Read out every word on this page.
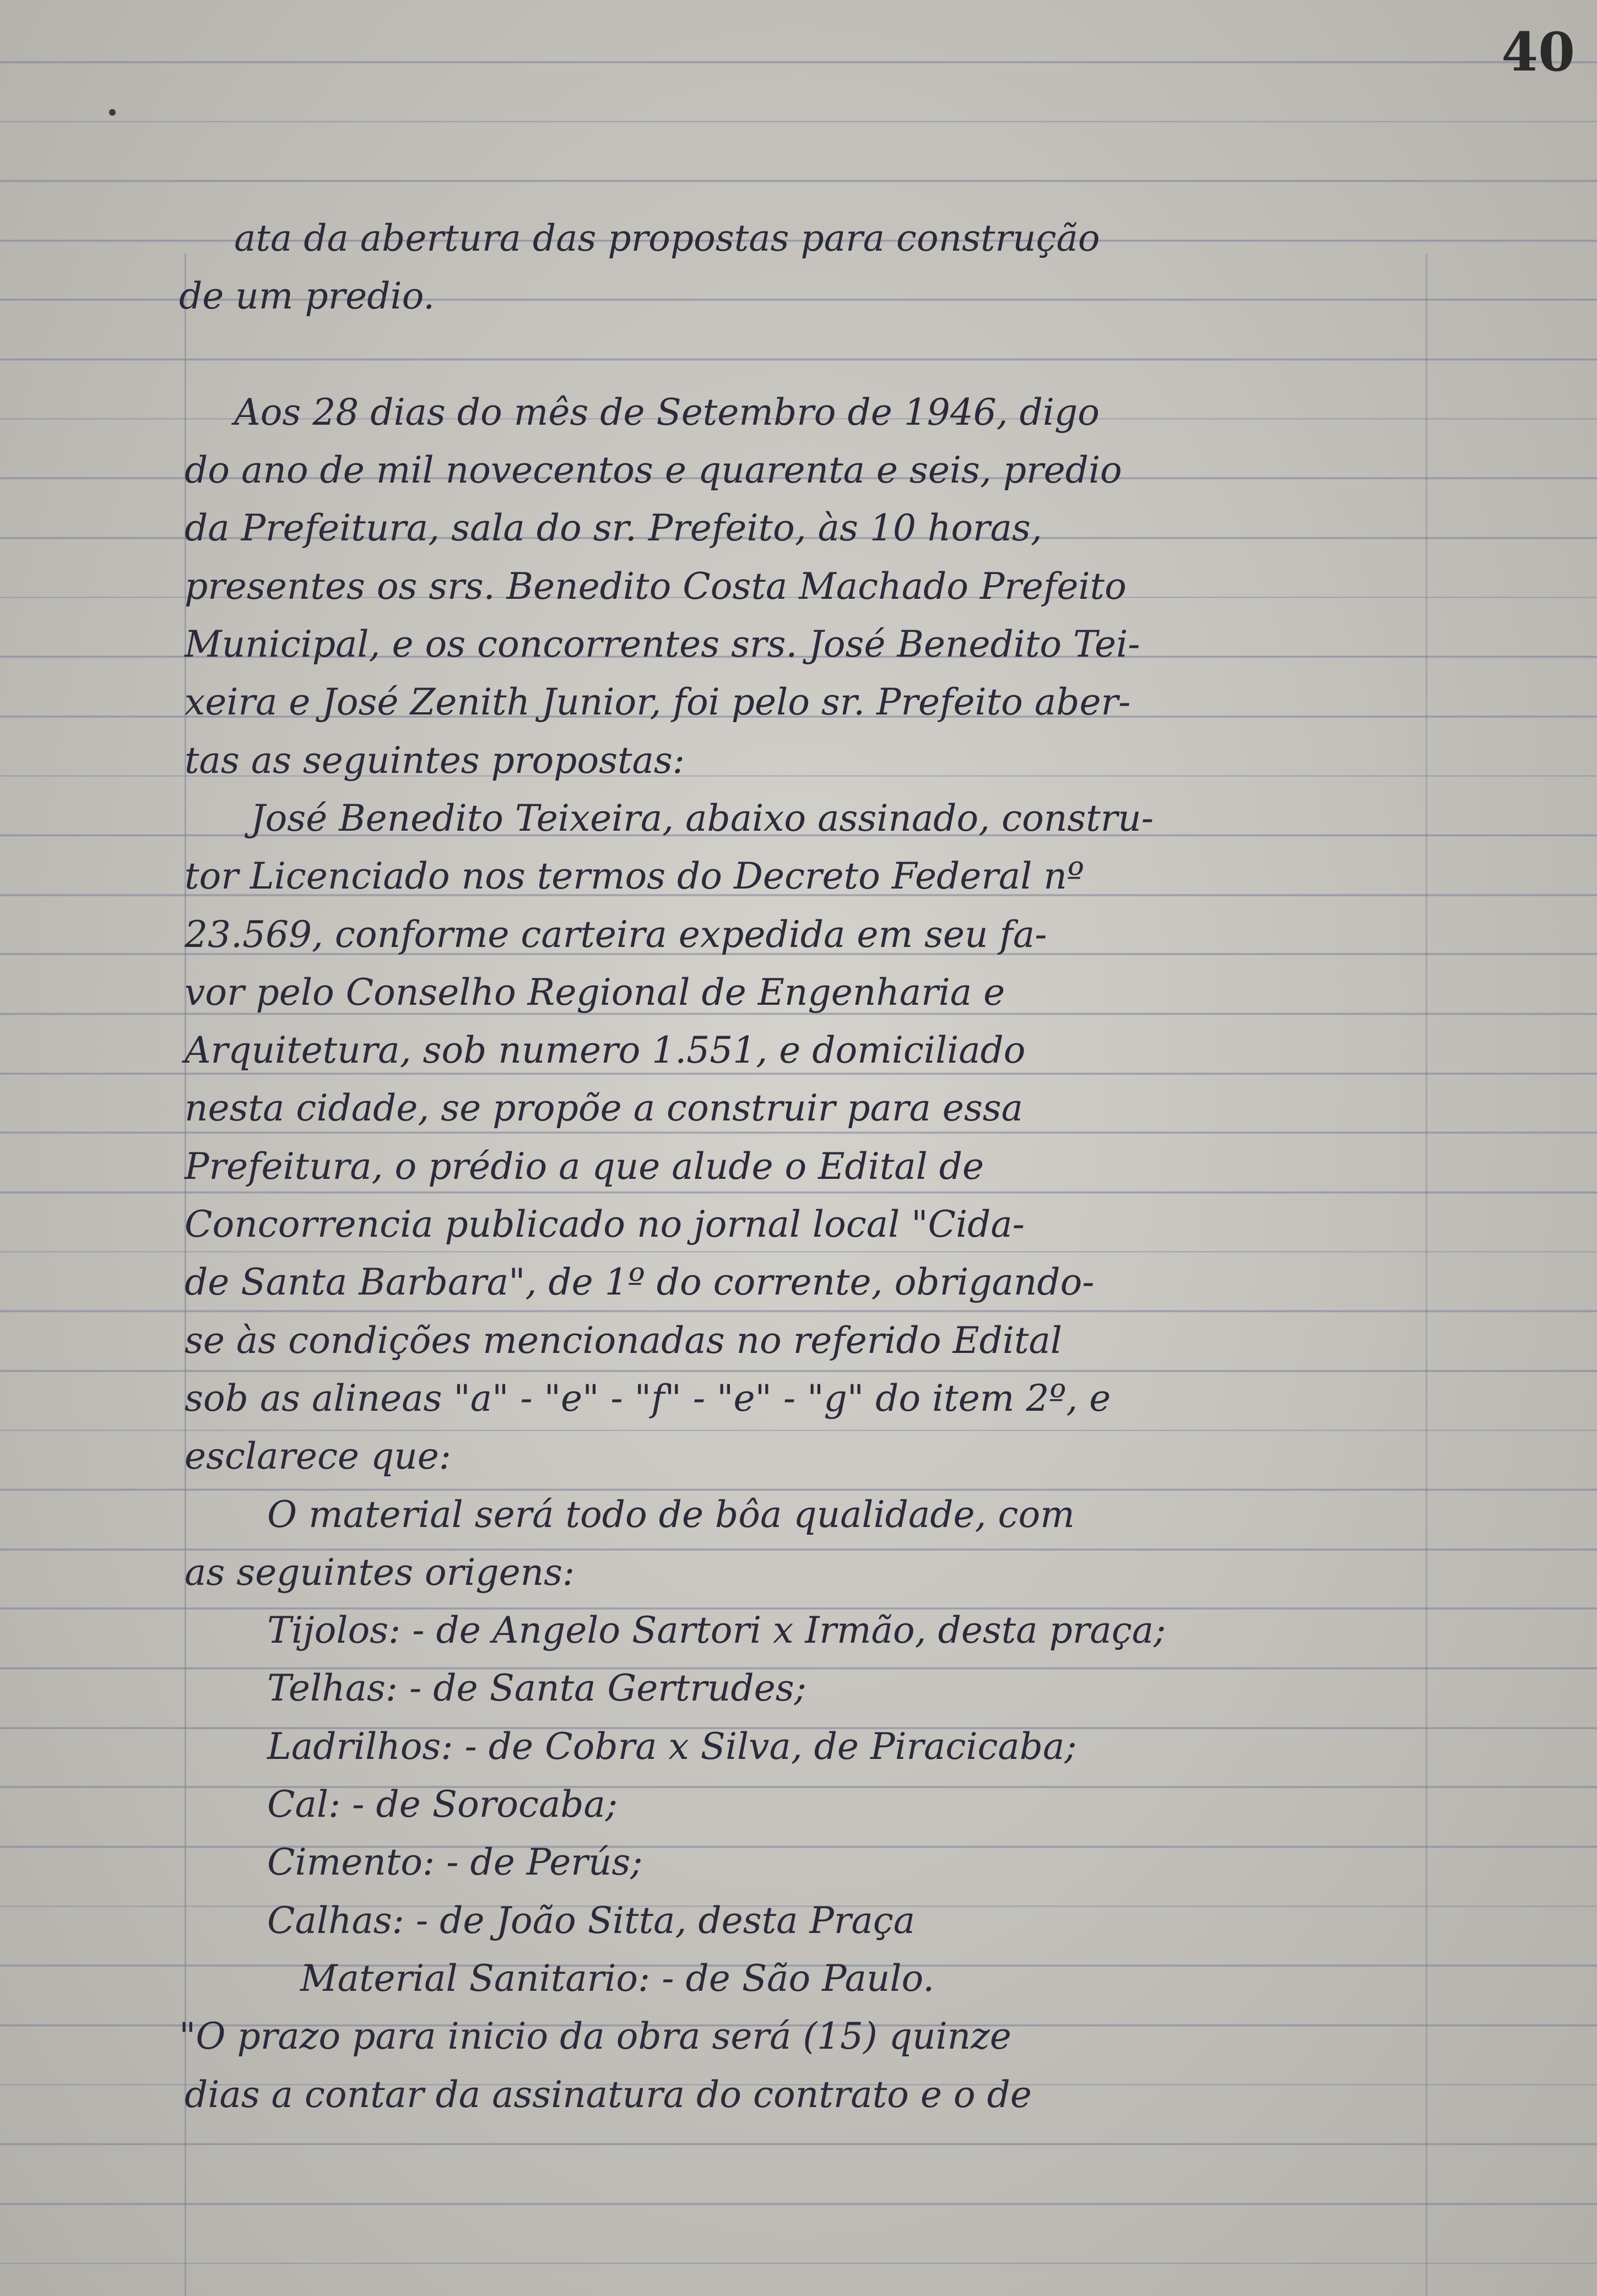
40
ata da abertura das propostas para construção
de um predio.
Aos 28 dias do mês de Setembro de 1946, digo
do ano de mil novecentos e quarenta e seis, predio
da Prefeitura, sala do sr. Prefeito, às 10 horas,
presentes os srs. Benedito Costa Machado Prefeito
Municipal, e os concorrentes srs. José Benedito Tei-
xeira e José Zenith Junior, foi pelo sr. Prefeito aber-
tas as seguintes propostas:
José Benedito Teixeira, abaixo assinado, constru-
tor Licenciado nos termos do Decreto Federal nº
23.569, conforme carteira expedida em seu fa-
vor pelo Conselho Regional de Engenharia e
Arquitetura, sob numero 1.551, e domiciliado
nesta cidade, se propõe a construir para essa
Prefeitura, o prédio a que alude o Edital de
Concorrencia publicado no jornal local "Cida-
de Santa Barbara", de 1º do corrente, obrigando-
se às condições mencionadas no referido Edital
sob as alineas "a" - "e" - "f" - "e" - "g" do item 2º, e
esclarece que:
O material será todo de bôa qualidade, com
as seguintes origens:
Tijolos: - de Angelo Sartori x Irmão, desta praça;
Telhas: - de Santa Gertrudes;
Ladrilhos: - de Cobra x Silva, de Piracicaba;
Cal: - de Sorocaba;
Cimento: - de Perús;
Calhas: - de João Sitta, desta Praça
Material Sanitario: - de São Paulo.
"O prazo para inicio da obra será (15) quinze
dias a contar da assinatura do contrato e o de
